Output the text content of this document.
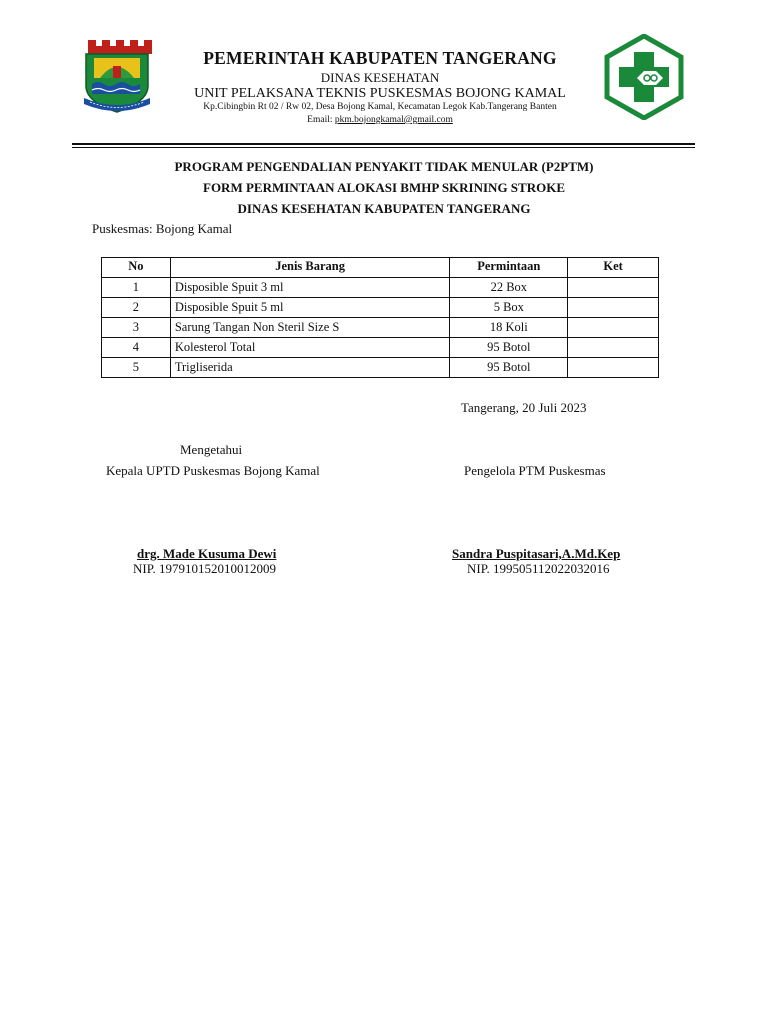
PEMERINTAH KABUPATEN TANGERANG
DINAS KESEHATAN
UNIT PELAKSANA TEKNIS PUSKESMAS BOJONG KAMAL
Kp.Cibingbin Rt 02 / Rw 02, Desa Bojong Kamal, Kecamatan Legok Kab.Tangerang Banten
Email: pkm.bojongkamal@gmail.com
PROGRAM PENGENDALIAN PENYAKIT TIDAK MENULAR (P2PTM)
FORM PERMINTAAN ALOKASI BMHP SKRINING STROKE
DINAS KESEHATAN KABUPATEN TANGERANG
Puskesmas: Bojong Kamal
No	Jenis Barang	Permintaan	Ket
1	Disposible Spuit 3 ml	22 Box	
2	Disposible Spuit 5 ml	5 Box	
3	Sarung Tangan Non Steril Size S	18 Koli	
4	Kolesterol Total	95 Botol	
5	Trigliserida	95 Botol	
Tangerang, 20 Juli 2023
Mengetahui
Kepala UPTD Puskesmas Bojong Kamal	Pengelola PTM Puskesmas
drg. Made Kusuma Dewi	Sandra Puspitasari,A.Md.Kep
NIP. 197910152010012009	NIP. 199505112022032016
